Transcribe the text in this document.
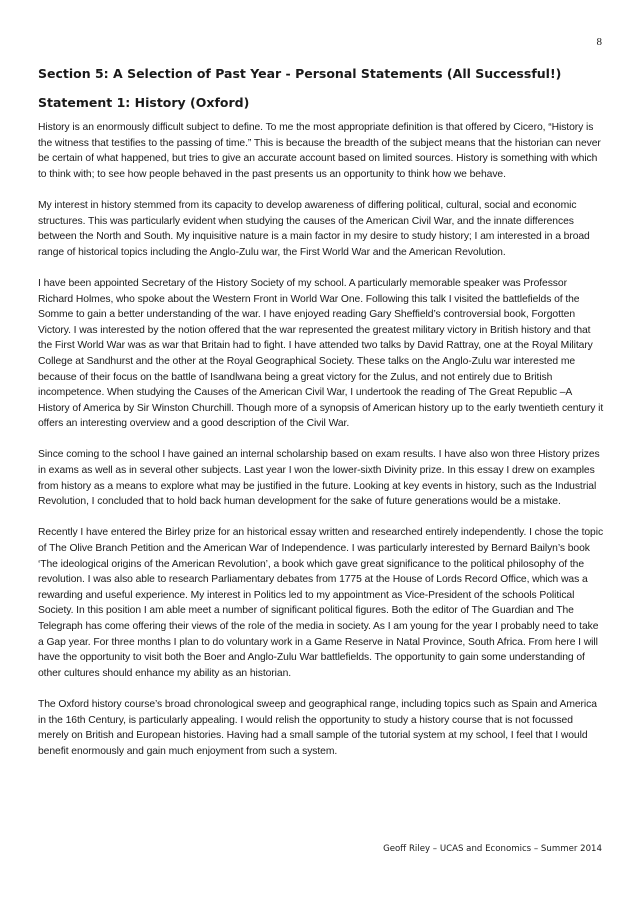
8
Section 5: A Selection of Past Year - Personal Statements (All Successful!)
Statement 1: History (Oxford)

History is an enormously difficult subject to define. To me the most appropriate definition is that offered by Cicero, “History is the witness that testifies to the passing of time.” This is because the breadth of the subject means that the historian can never be certain of what happened, but tries to give an accurate account based on limited sources. History is something with which to think with; to see how people behaved in the past presents us an opportunity to think how we behave.

My interest in history stemmed from its capacity to develop awareness of differing political, cultural, social and economic structures. This was particularly evident when studying the causes of the American Civil War, and the innate differences between the North and South. My inquisitive nature is a main factor in my desire to study history; I am interested in a broad range of historical topics including the Anglo-Zulu war, the First World War and the American Revolution.

I have been appointed Secretary of the History Society of my school. A particularly memorable speaker was Professor Richard Holmes, who spoke about the Western Front in World War One. Following this talk I visited the battlefields of the Somme to gain a better understanding of the war. I have enjoyed reading Gary Sheffield’s controversial book, Forgotten Victory. I was interested by the notion offered that the war represented the greatest military victory in British history and that the First World War was as war that Britain had to fight. I have attended two talks by David Rattray, one at the Royal Military College at Sandhurst and the other at the Royal Geographical Society. These talks on the Anglo-Zulu war interested me because of their focus on the battle of Isandlwana being a great victory for the Zulus, and not entirely due to British incompetence. When studying the Causes of the American Civil War, I undertook the reading of The Great Republic –A History of America by Sir Winston Churchill. Though more of a synopsis of American history up to the early twentieth century it offers an interesting overview and a good description of the Civil War.

Since coming to the school I have gained an internal scholarship based on exam results. I have also won three History prizes in exams as well as in several other subjects. Last year I won the lower-sixth Divinity prize. In this essay I drew on examples from history as a means to explore what may be justified in the future. Looking at key events in history, such as the Industrial Revolution, I concluded that to hold back human development for the sake of future generations would be a mistake.

Recently I have entered the Birley prize for an historical essay written and researched entirely independently. I chose the topic of The Olive Branch Petition and the American War of Independence. I was particularly interested by Bernard Bailyn’s book ‘The ideological origins of the American Revolution’, a book which gave great significance to the political philosophy of the revolution. I was also able to research Parliamentary debates from 1775 at the House of Lords Record Office, which was a rewarding and useful experience. My interest in Politics led to my appointment as Vice-President of the schools Political Society. In this position I am able meet a number of significant political figures. Both the editor of The Guardian and The Telegraph has come offering their views of the role of the media in society. As I am young for the year I probably need to take a Gap year. For three months I plan to do voluntary work in a Game Reserve in Natal Province, South Africa. From here I will have the opportunity to visit both the Boer and Anglo-Zulu War battlefields. The opportunity to gain some understanding of other cultures should enhance my ability as an historian.

The Oxford history course’s broad chronological sweep and geographical range, including topics such as Spain and America in the 16th Century, is particularly appealing. I would relish the opportunity to study a history course that is not focussed merely on British and European histories. Having had a small sample of the tutorial system at my school, I feel that I would benefit enormously and gain much enjoyment from such a system.

Geoff Riley – UCAS and Economics – Summer 2014
